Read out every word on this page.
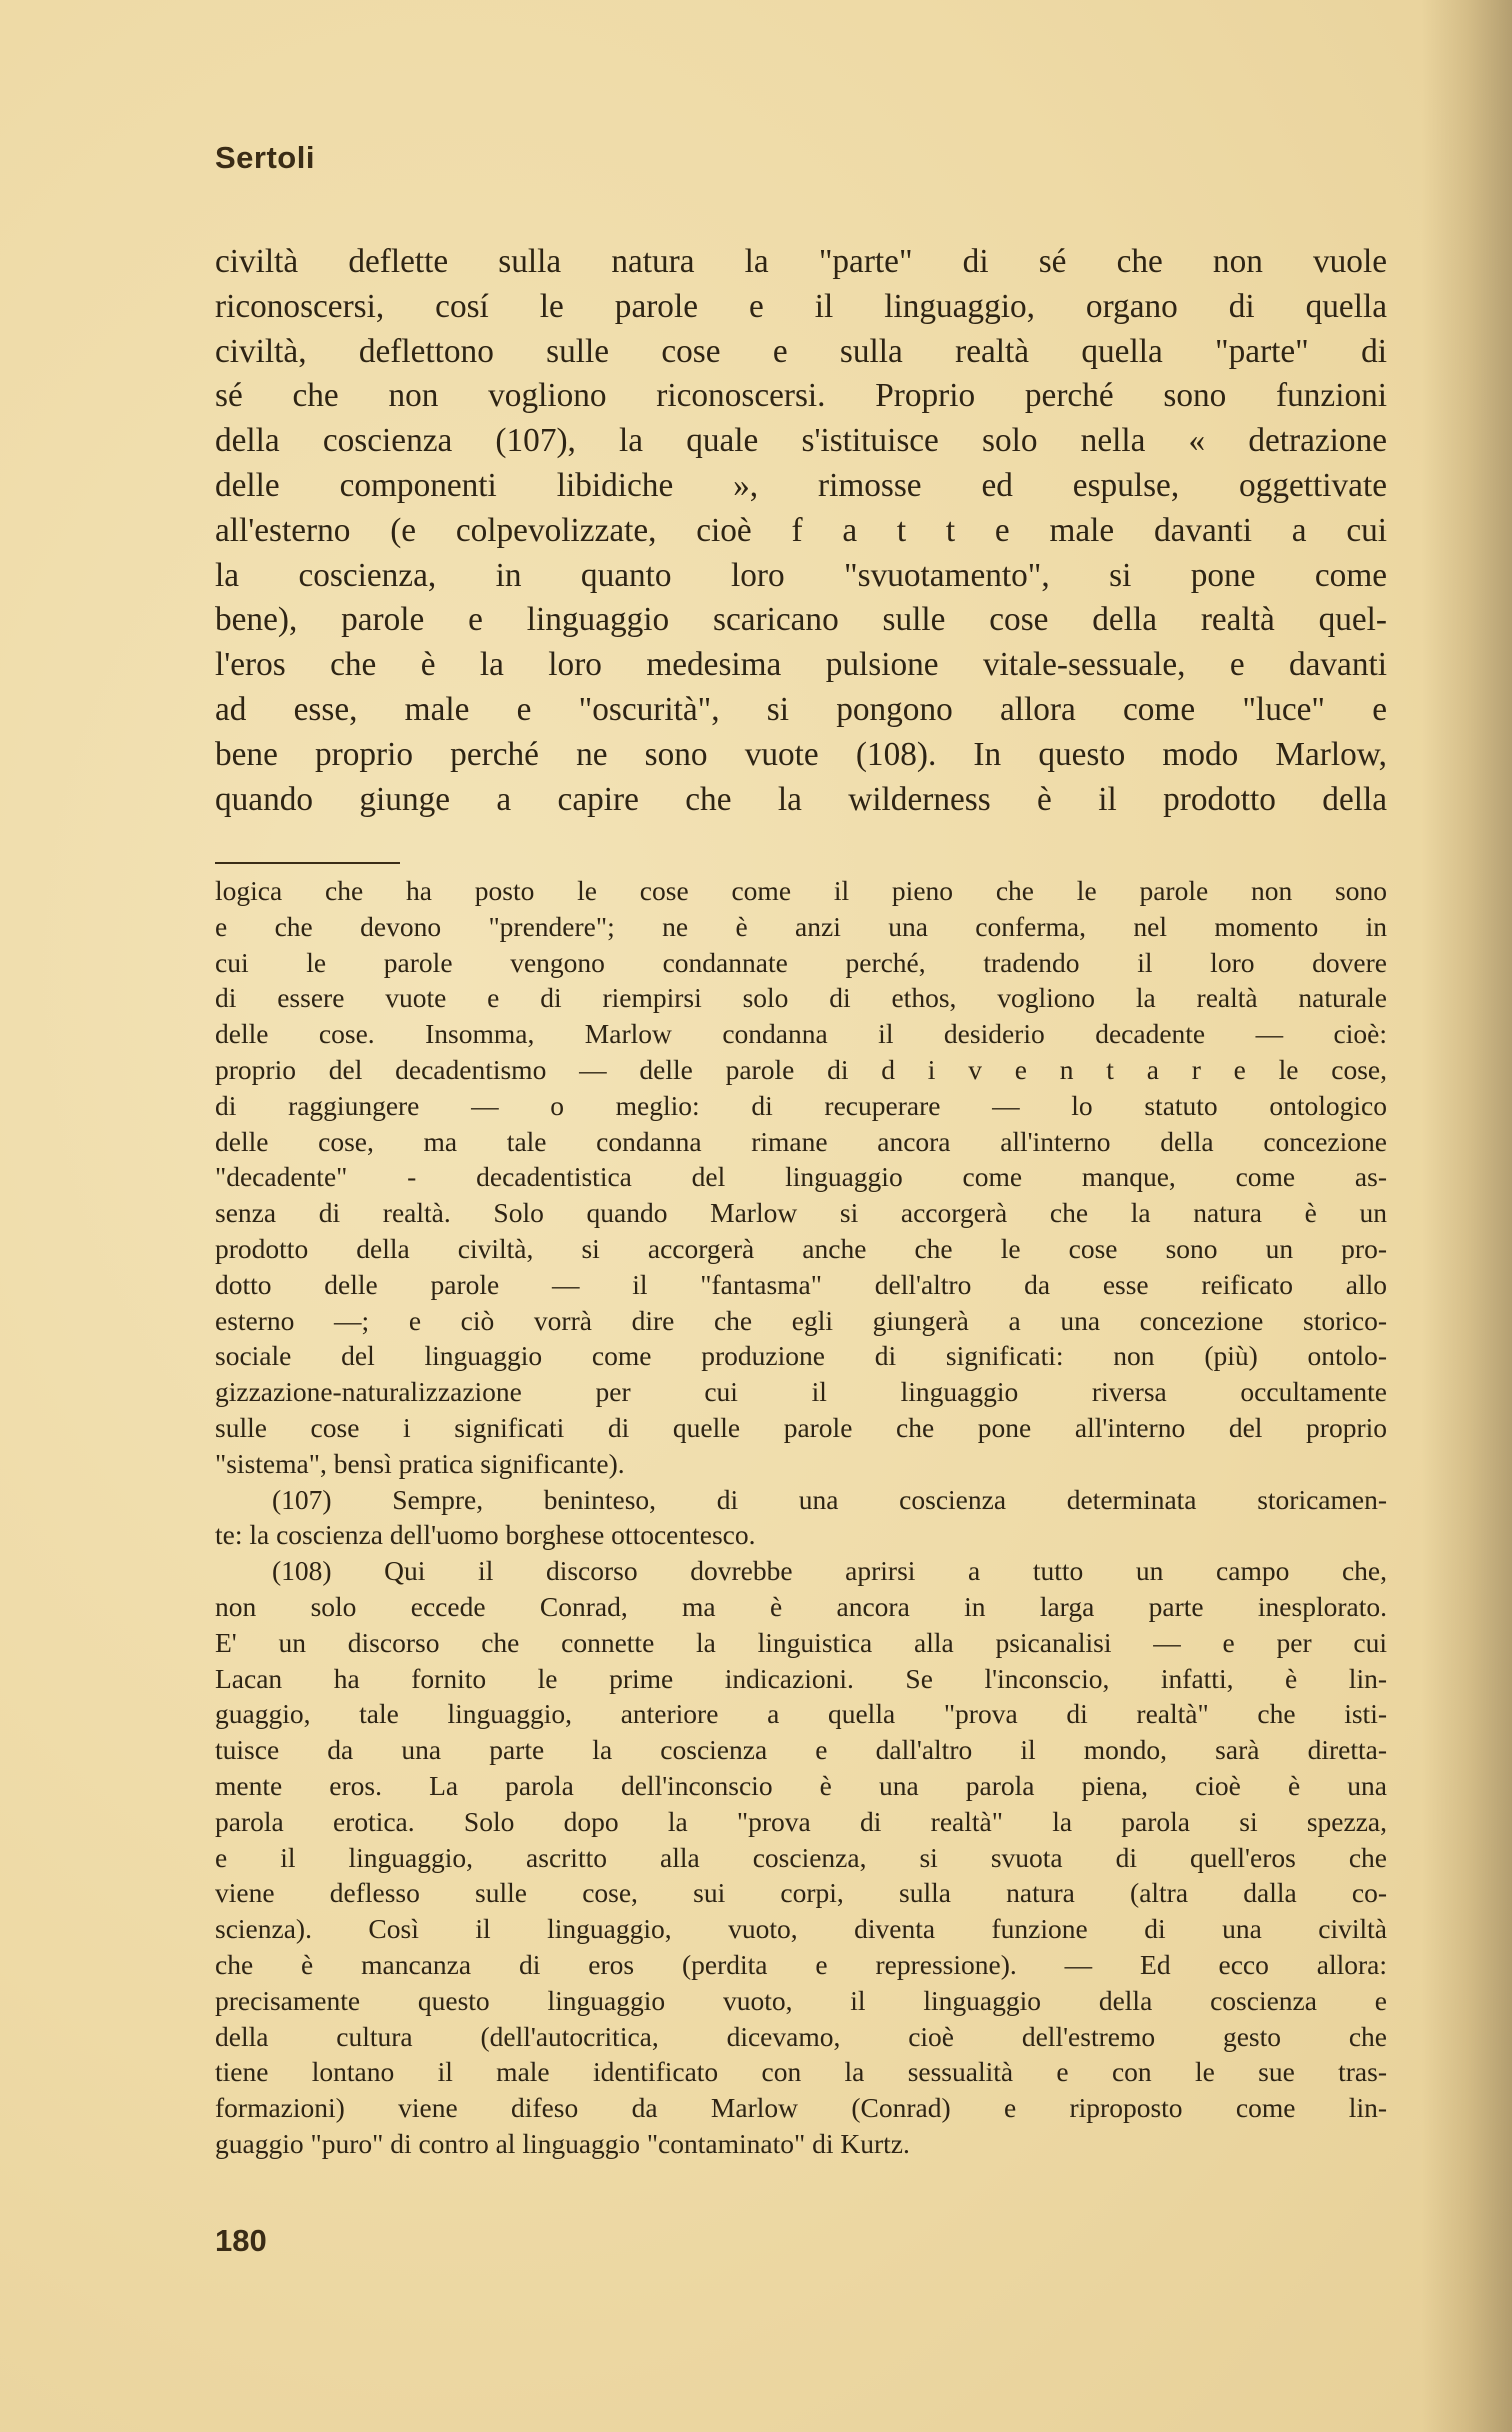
Sertoli
civiltà deflette sulla natura la "parte" di sé che non vuole
riconoscersi, cosí le parole e il linguaggio, organo di quella
civiltà, deflettono sulle cose e sulla realtà quella "parte" di
sé che non vogliono riconoscersi. Proprio perché sono funzioni
della coscienza (107), la quale s'istituisce solo nella « detrazione
delle componenti libidiche », rimosse ed espulse, oggettivate
all'esterno (e colpevolizzate, cioè f a t t e male davanti a cui
la coscienza, in quanto loro "svuotamento", si pone come
bene), parole e linguaggio scaricano sulle cose della realtà quel-
l'eros che è la loro medesima pulsione vitale-sessuale, e davanti
ad esse, male e "oscurità", si pongono allora come "luce" e
bene proprio perché ne sono vuote (108). In questo modo Marlow,
quando giunge a capire che la wilderness è il prodotto della
logica che ha posto le cose come il pieno che le parole non sono
e che devono "prendere"; ne è anzi una conferma, nel momento in
cui le parole vengono condannate perché, tradendo il loro dovere
di essere vuote e di riempirsi solo di ethos, vogliono la realtà naturale
delle cose. Insomma, Marlow condanna il desiderio decadente — cioè:
proprio del decadentismo — delle parole di d i v e n t a r e le cose,
di raggiungere — o meglio: di recuperare — lo statuto ontologico
delle cose, ma tale condanna rimane ancora all'interno della concezione
"decadente" - decadentistica del linguaggio come manque, come as-
senza di realtà. Solo quando Marlow si accorgerà che la natura è un
prodotto della civiltà, si accorgerà anche che le cose sono un pro-
dotto delle parole — il "fantasma" dell'altro da esse reificato allo
esterno —; e ciò vorrà dire che egli giungerà a una concezione storico-
sociale del linguaggio come produzione di significati: non (più) ontolo-
gizzazione-naturalizzazione per cui il linguaggio riversa occultamente
sulle cose i significati di quelle parole che pone all'interno del proprio
"sistema", bensì pratica significante).
(107) Sempre, beninteso, di una coscienza determinata storicamen-
te: la coscienza dell'uomo borghese ottocentesco.
(108) Qui il discorso dovrebbe aprirsi a tutto un campo che,
non solo eccede Conrad, ma è ancora in larga parte inesplorato.
E' un discorso che connette la linguistica alla psicanalisi — e per cui
Lacan ha fornito le prime indicazioni. Se l'inconscio, infatti, è lin-
guaggio, tale linguaggio, anteriore a quella "prova di realtà" che isti-
tuisce da una parte la coscienza e dall'altro il mondo, sarà diretta-
mente eros. La parola dell'inconscio è una parola piena, cioè è una
parola erotica. Solo dopo la "prova di realtà" la parola si spezza,
e il linguaggio, ascritto alla coscienza, si svuota di quell'eros che
viene deflesso sulle cose, sui corpi, sulla natura (altra dalla co-
scienza). Così il linguaggio, vuoto, diventa funzione di una civiltà
che è mancanza di eros (perdita e repressione). — Ed ecco allora:
precisamente questo linguaggio vuoto, il linguaggio della coscienza e
della cultura (dell'autocritica, dicevamo, cioè dell'estremo gesto che
tiene lontano il male identificato con la sessualità e con le sue tras-
formazioni) viene difeso da Marlow (Conrad) e riproposto come lin-
guaggio "puro" di contro al linguaggio "contaminato" di Kurtz.
180
